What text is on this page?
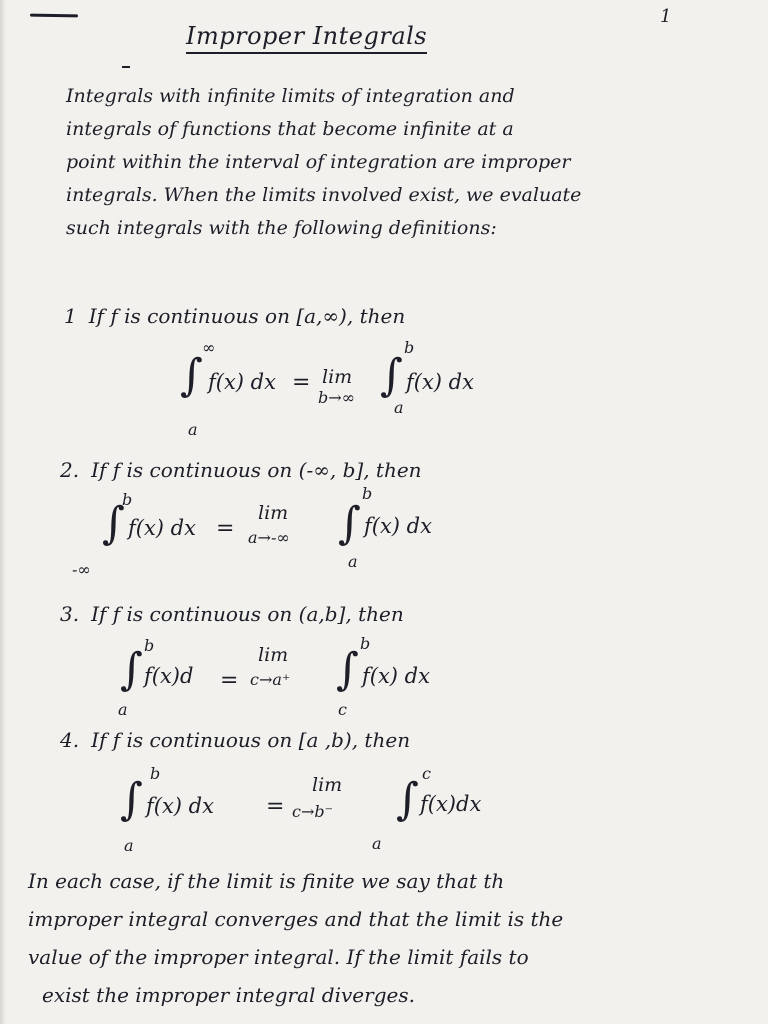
1
Improper Integrals
Integrals with infinite limits of integration and
integrals of functions that become infinite at a
point within the interval of integration are improper
integrals. When the limits involved exist, we evaluate
such integrals with the following definitions:
1 If f is continuous on [a,∞), then
∞
∫
a
f(x) dx = lim
b→∞
b
∫
a
f(x) dx
2. If f is continuous on (-∞, b], then
b
∫
-∞
f(x) dx =
lim
a→-∞
b
∫
a
f(x) dx
3. If f is continuous on (a,b], then
b
∫
a
f(x)d =
lim
c→a⁺
b
∫
c
f(x) dx
4. If f is continuous on [a ,b), then
b
∫
a
f(x) dx =
lim
c→b⁻
c
∫
a
f(x)dx
In each case, if the limit is finite we say that th
improper integral converges and that the limit is the
value of the improper integral. If the limit fails to
exist the improper integral diverges.
